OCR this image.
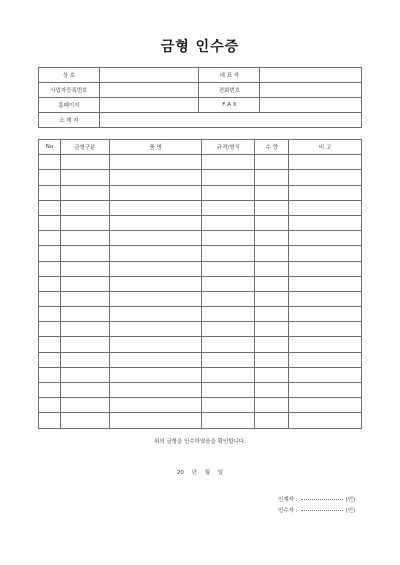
금형 인수증
상 호		대 표 자	
사업자등록번호		전화번호	
홈페이지		F A X	
소 재 지			
No	금형구분	품 명	규격/형식	수 량	비 고

위의 금형을 인수하였음을 확인합니다.
20 년 월 일
인계자 :	(인)
인수자 :	(인)
